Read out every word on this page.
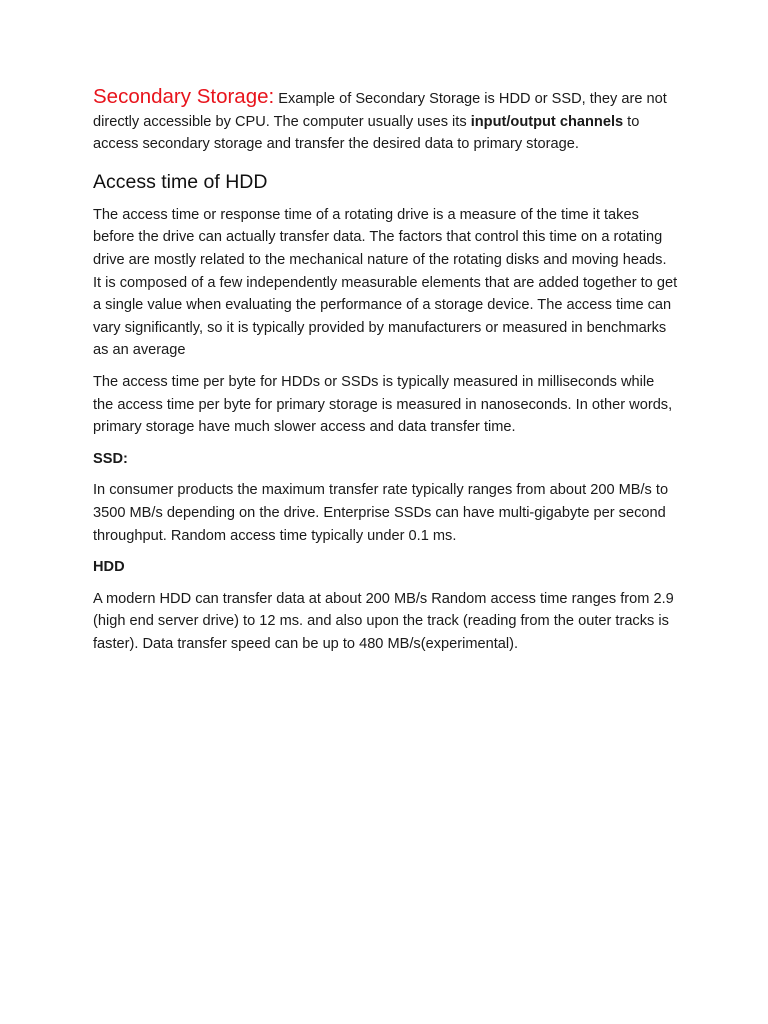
Secondary Storage: Example of Secondary Storage is HDD or SSD, they are not directly accessible by CPU. The computer usually uses its input/output channels to access secondary storage and transfer the desired data to primary storage.

Access time of HDD

The access time or response time of a rotating drive is a measure of the time it takes before the drive can actually transfer data. The factors that control this time on a rotating drive are mostly related to the mechanical nature of the rotating disks and moving heads. It is composed of a few independently measurable elements that are added together to get a single value when evaluating the performance of a storage device. The access time can vary significantly, so it is typically provided by manufacturers or measured in benchmarks as an average

The access time per byte for HDDs or SSDs is typically measured in milliseconds while the access time per byte for primary storage is measured in nanoseconds. In other words, primary storage have much slower access and data transfer time.

SSD:

In consumer products the maximum transfer rate typically ranges from about 200 MB/s to 3500 MB/s depending on the drive. Enterprise SSDs can have multi-gigabyte per second throughput. Random access time typically under 0.1 ms.

HDD

A modern HDD can transfer data at about 200 MB/s Random access time ranges from 2.9 (high end server drive) to 12 ms. and also upon the track (reading from the outer tracks is faster). Data transfer speed can be up to 480 MB/s(experimental).
